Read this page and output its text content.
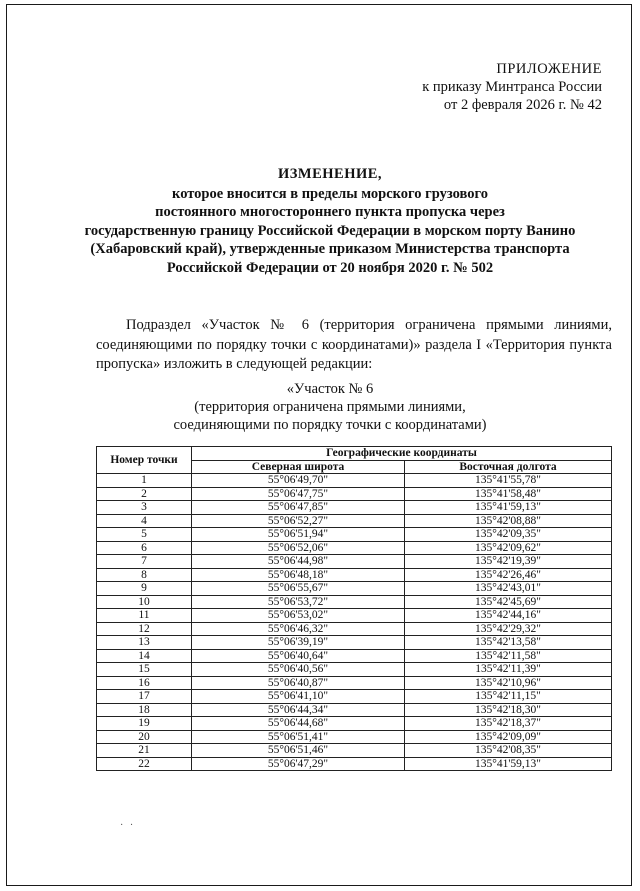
ПРИЛОЖЕНИЕ
к приказу Минтранса России
от 2 февраля 2026 г. № 42
ИЗМЕНЕНИЕ,
которое вносится в пределы морского грузового
постоянного многостороннего пункта пропуска через
государственную границу Российской Федерации в морском порту Ванино
(Хабаровский край), утвержденные приказом Министерства транспорта
Российской Федерации от 20 ноября 2020 г. № 502
Подраздел «Участок № 6 (территория ограничена прямыми линиями, соединяющими по порядку точки с координатами)» раздела I «Территория пункта пропуска» изложить в следующей редакции:
«Участок № 6
(территория ограничена прямыми линиями,
соединяющими по порядку точки с координатами)
Номер точки	Географические координаты	
	Северная широта	Восточная долгота
1	55°06'49,70"	135°41'55,78"
2	55°06'47,75"	135°41'58,48"
3	55°06'47,85"	135°41'59,13"
4	55°06'52,27"	135°42'08,88"
5	55°06'51,94"	135°42'09,35"
6	55°06'52,06"	135°42'09,62"
7	55°06'44,98"	135°42'19,39"
8	55°06'48,18"	135°42'26,46"
9	55°06'55,67"	135°42'43,01"
10	55°06'53,72"	135°42'45,69"
11	55°06'53,02"	135°42'44,16"
12	55°06'46,32"	135°42'29,32"
13	55°06'39,19"	135°42'13,58"
14	55°06'40,64"	135°42'11,58"
15	55°06'40,56"	135°42'11,39"
16	55°06'40,87"	135°42'10,96"
17	55°06'41,10"	135°42'11,15"
18	55°06'44,34"	135°42'18,30"
19	55°06'44,68"	135°42'18,37"
20	55°06'51,41"	135°42'09,09"
21	55°06'51,46"	135°42'08,35"
22	55°06'47,29"	135°41'59,13"
· ·
